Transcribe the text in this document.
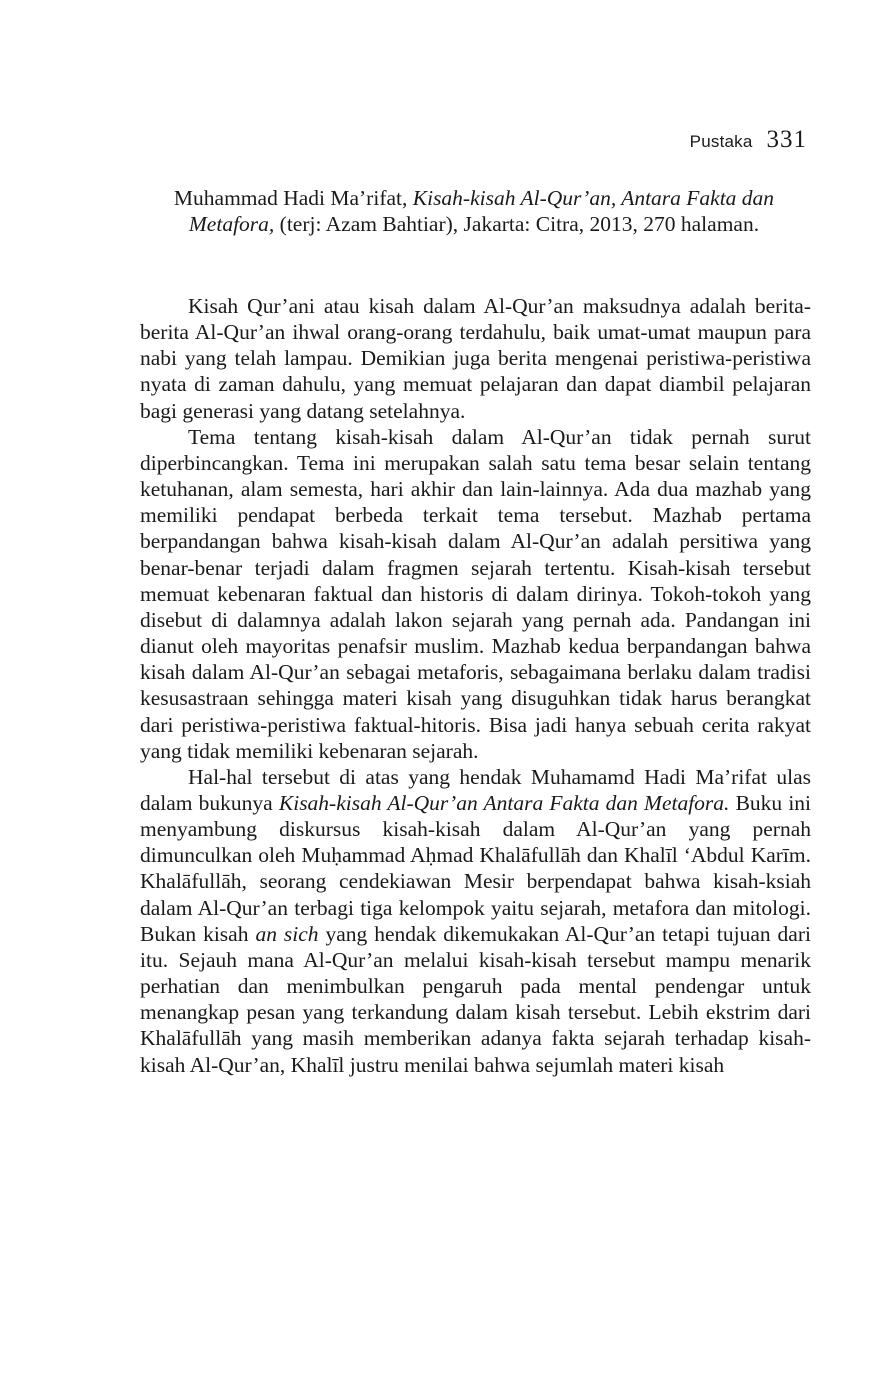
Pustaka 331
Muhammad Hadi Ma’rifat, Kisah-kisah Al-Qur’an, Antara Fakta dan Metafora, (terj: Azam Bahtiar), Jakarta: Citra, 2013, 270 halaman.

Kisah Qur’ani atau kisah dalam Al-Qur’an maksudnya adalah berita-berita Al-Qur’an ihwal orang-orang terdahulu, baik umat-umat maupun para nabi yang telah lampau. Demikian juga berita mengenai peristiwa-peristiwa nyata di zaman dahulu, yang memuat pelajaran dan dapat diambil pelajaran bagi generasi yang datang setelahnya.

Tema tentang kisah-kisah dalam Al-Qur’an tidak pernah surut diperbincangkan. Tema ini merupakan salah satu tema besar selain tentang ketuhanan, alam semesta, hari akhir dan lain-lainnya. Ada dua mazhab yang memiliki pendapat berbeda terkait tema tersebut. Mazhab pertama berpandangan bahwa kisah-kisah dalam Al-Qur’an adalah persitiwa yang benar-benar terjadi dalam fragmen sejarah tertentu. Kisah-kisah tersebut memuat kebenaran faktual dan historis di dalam dirinya. Tokoh-tokoh yang disebut di dalamnya adalah lakon sejarah yang pernah ada. Pandangan ini dianut oleh mayoritas penafsir muslim. Mazhab kedua berpandangan bahwa kisah dalam Al-Qur’an sebagai metaforis, sebagaimana berlaku dalam tradisi kesusastraan sehingga materi kisah yang disuguhkan tidak harus berangkat dari peristiwa-peristiwa faktual-hitoris. Bisa jadi hanya sebuah cerita rakyat yang tidak memiliki kebenaran sejarah.

Hal-hal tersebut di atas yang hendak Muhamamd Hadi Ma’rifat ulas dalam bukunya Kisah-kisah Al-Qur’an Antara Fakta dan Metafora. Buku ini menyambung diskursus kisah-kisah dalam Al-Qur’an yang pernah dimunculkan oleh Muḥammad Aḥmad Khalāfullāh dan Khalīl ‘Abdul Karīm. Khalāfullāh, seorang cendekiawan Mesir berpendapat bahwa kisah-ksiah dalam Al-Qur’an terbagi tiga kelompok yaitu sejarah, metafora dan mitologi. Bukan kisah an sich yang hendak dikemukakan Al-Qur’an tetapi tujuan dari itu. Sejauh mana Al-Qur’an melalui kisah-kisah tersebut mampu menarik perhatian dan menimbulkan pengaruh pada mental pendengar untuk menangkap pesan yang terkandung dalam kisah tersebut. Lebih ekstrim dari Khalāfullāh yang masih memberikan adanya fakta sejarah terhadap kisah-kisah Al-Qur’an, Khalīl justru menilai bahwa sejumlah materi kisah
